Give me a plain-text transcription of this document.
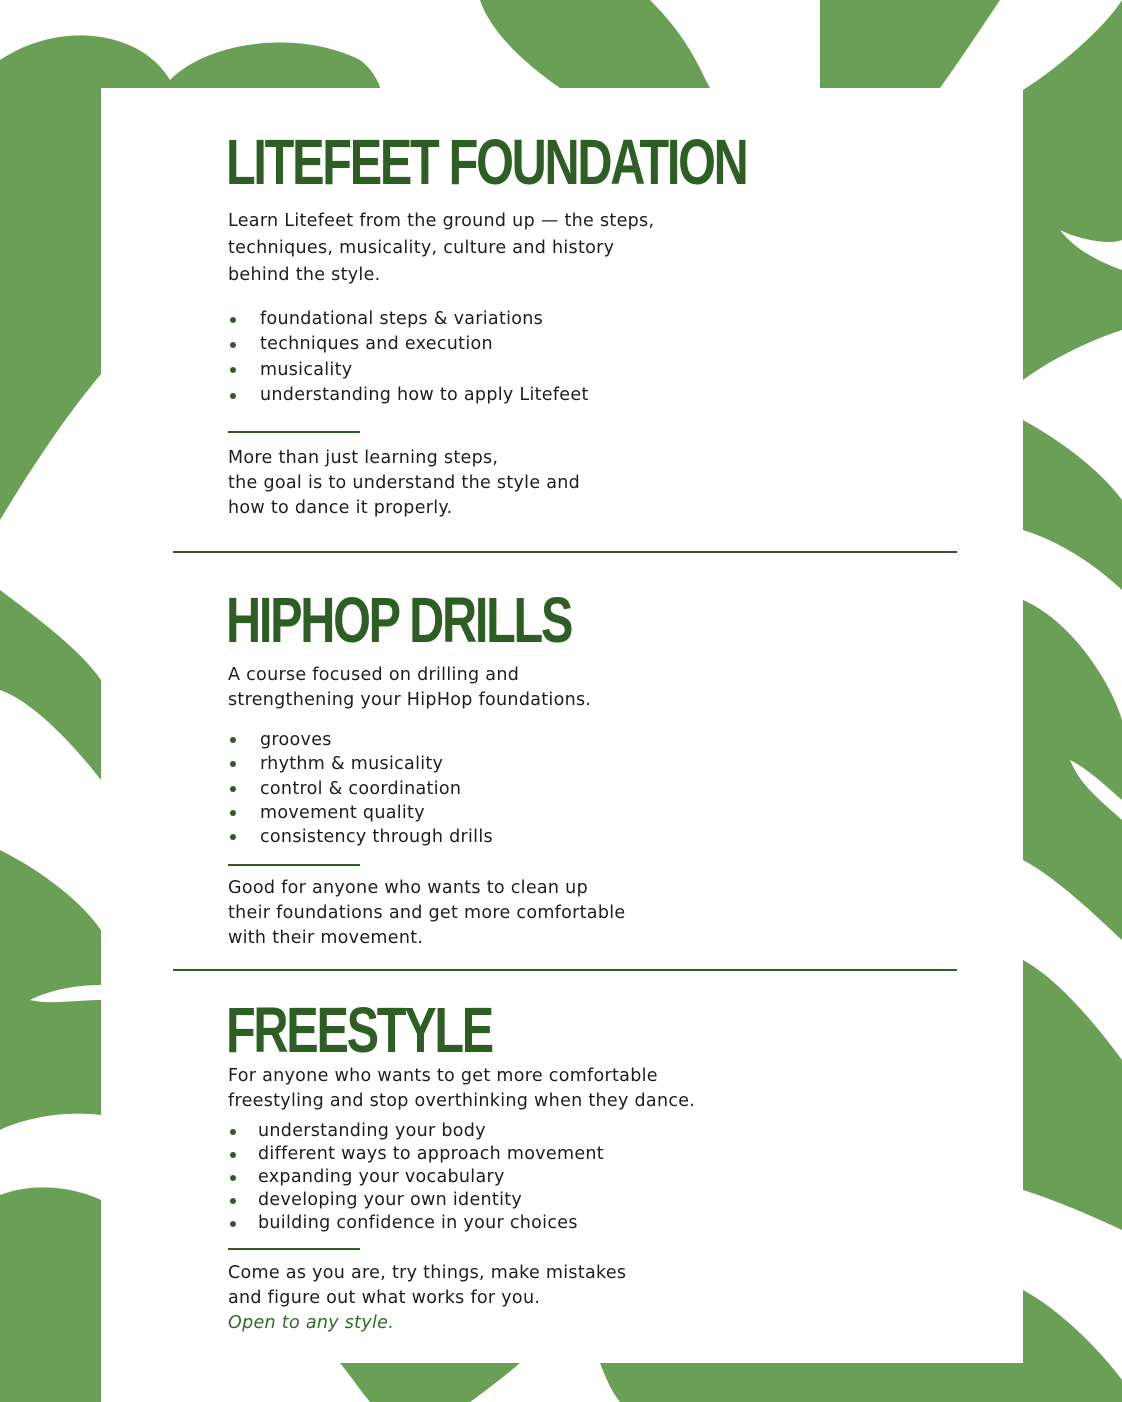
LITEFEET FOUNDATION

Learn Litefeet from the ground up — the steps,
techniques, musicality, culture and history
behind the style.

foundational steps & variations
techniques and execution
musicality
understanding how to apply Litefeet

More than just learning steps,
the goal is to understand the style and
how to dance it properly.

HIPHOP DRILLS

A course focused on drilling and
strengthening your HipHop foundations.

grooves
rhythm & musicality
control & coordination
movement quality
consistency through drills

Good for anyone who wants to clean up
their foundations and get more comfortable
with their movement.

FREESTYLE

For anyone who wants to get more comfortable
freestyling and stop overthinking when they dance.

understanding your body
different ways to approach movement
expanding your vocabulary
developing your own identity
building confidence in your choices

Come as you are, try things, make mistakes
and figure out what works for you.

Open to any style.
